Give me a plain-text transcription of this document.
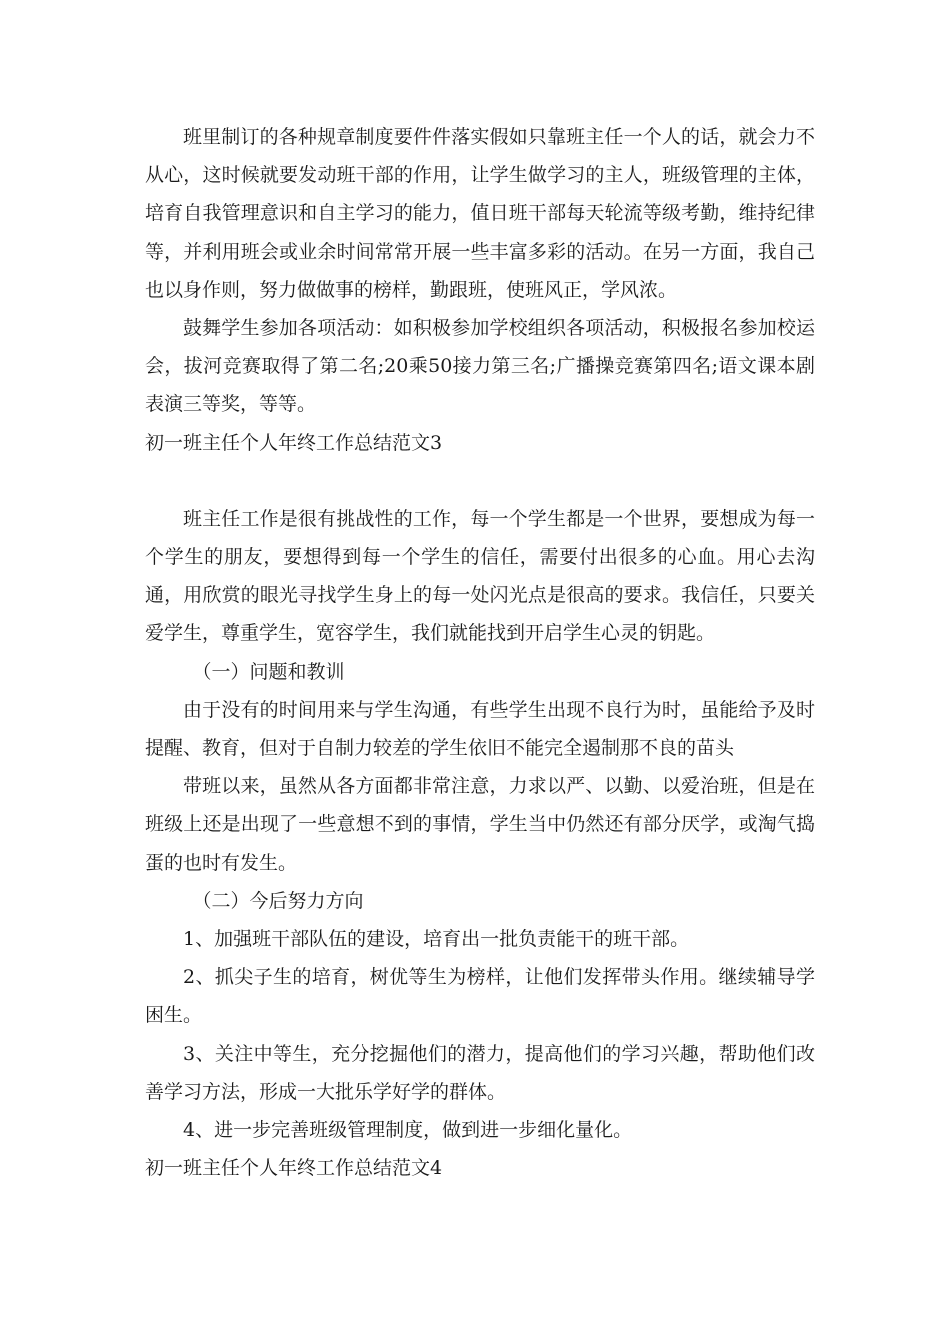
班里制订的各种规章制度要件件落实假如只靠班主任一个人的话，就会力不从心，这时候就要发动班干部的作用，让学生做学习的主人，班级管理的主体，培育自我管理意识和自主学习的能力，值日班干部每天轮流等级考勤，维持纪律等，并利用班会或业余时间常常开展一些丰富多彩的活动。在另一方面，我自己也以身作则，努力做做事的榜样，勤跟班，使班风正，学风浓。

鼓舞学生参加各项活动：如积极参加学校组织各项活动，积极报名参加校运会，拔河竞赛取得了第二名;20乘50接力第三名;广播操竞赛第四名;语文课本剧表演三等奖，等等。

初一班主任个人年终工作总结范文3

班主任工作是很有挑战性的工作，每一个学生都是一个世界，要想成为每一个学生的朋友，要想得到每一个学生的信任，需要付出很多的心血。用心去沟通，用欣赏的眼光寻找学生身上的每一处闪光点是很高的要求。我信任，只要关爱学生，尊重学生，宽容学生，我们就能找到开启学生心灵的钥匙。

（一）问题和教训

由于没有的时间用来与学生沟通，有些学生出现不良行为时，虽能给予及时提醒、教育，但对于自制力较差的学生依旧不能完全遏制那不良的苗头

带班以来，虽然从各方面都非常注意，力求以严、以勤、以爱治班，但是在班级上还是出现了一些意想不到的事情，学生当中仍然还有部分厌学，或淘气捣蛋的也时有发生。

（二）今后努力方向

1、加强班干部队伍的建设，培育出一批负责能干的班干部。

2、抓尖子生的培育，树优等生为榜样，让他们发挥带头作用。继续辅导学困生。

3、关注中等生，充分挖掘他们的潜力，提高他们的学习兴趣，帮助他们改善学习方法，形成一大批乐学好学的群体。

4、进一步完善班级管理制度，做到进一步细化量化。

初一班主任个人年终工作总结范文4
